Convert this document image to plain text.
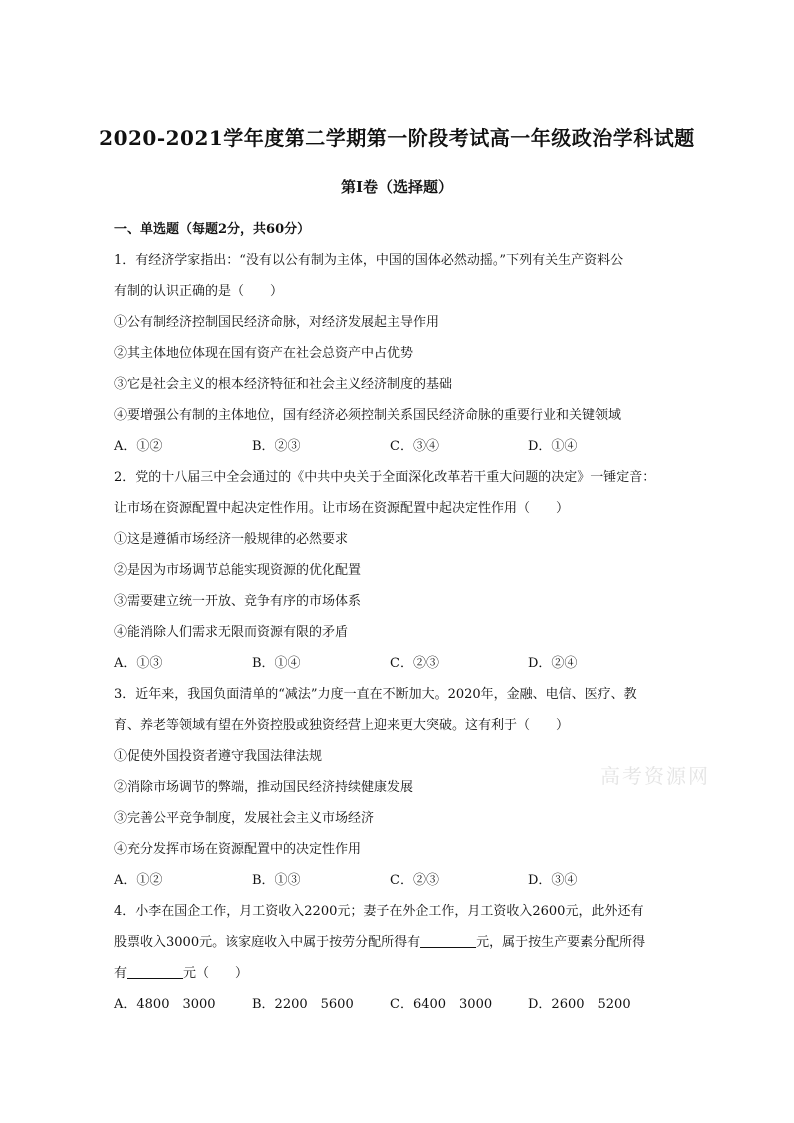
2020-2021学年度第二学期第一阶段考试高一年级政治学科试题
第Ⅰ卷（选择题）
一、单选题（每题2分，共60分）
1．有经济学家指出：“没有以公有制为主体，中国的国体必然动摇。”下列有关生产资料公
有制的认识正确的是（　　）
①公有制经济控制国民经济命脉，对经济发展起主导作用
②其主体地位体现在国有资产在社会总资产中占优势
③它是社会主义的根本经济特征和社会主义经济制度的基础
④要增强公有制的主体地位，国有经济必须控制关系国民经济命脉的重要行业和关键领域
A．①②	B．②③	C．③④	D．①④
2．党的十八届三中全会通过的《中共中央关于全面深化改革若干重大问题的决定》一锤定音：
让市场在资源配置中起决定性作用。让市场在资源配置中起决定性作用（　　）
①这是遵循市场经济一般规律的必然要求
②是因为市场调节总能实现资源的优化配置
③需要建立统一开放、竞争有序的市场体系
④能消除人们需求无限而资源有限的矛盾
A．①③	B．①④	C．②③	D．②④
3．近年来，我国负面清单的“减法”力度一直在不断加大。2020年，金融、电信、医疗、教
育、养老等领域有望在外资控股或独资经营上迎来更大突破。这有利于（　　）
①促使外国投资者遵守我国法律法规
②消除市场调节的弊端，推动国民经济持续健康发展
③完善公平竞争制度，发展社会主义市场经济
④充分发挥市场在资源配置中的决定性作用
A．①②	B．①③	C．②③	D．③④
4．小李在国企工作，月工资收入2200元；妻子在外企工作，月工资收入2600元，此外还有
股票收入3000元。该家庭收入中属于按劳分配所得有	元，属于按生产要素分配所得
有	元（　　）
A．4800　3000	B．2200　5600	C．6400　3000	D．2600　5200
高考资源网
